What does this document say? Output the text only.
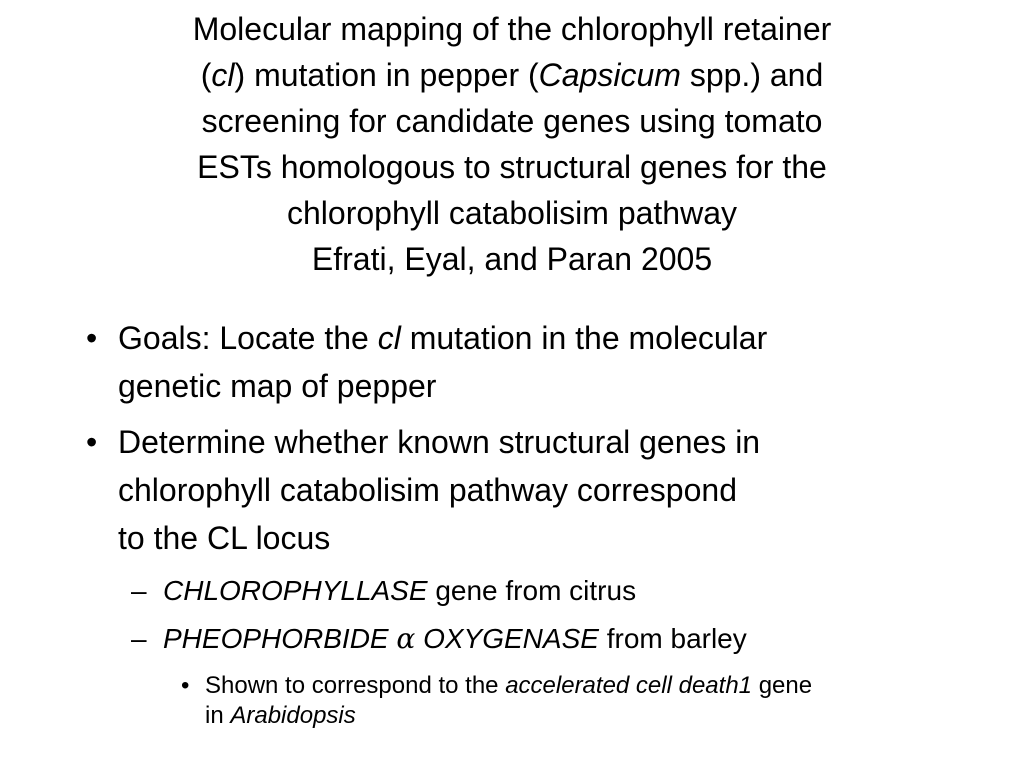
Molecular mapping of the chlorophyll retainer
(cl) mutation in pepper (Capsicum spp.) and
screening for candidate genes using tomato
ESTs homologous to structural genes for the
chlorophyll catabolisim pathway
Efrati, Eyal, and Paran 2005
• Goals: Locate the cl mutation in the molecular
genetic map of pepper
• Determine whether known structural genes in
chlorophyll catabolisim pathway correspond
to the CL locus
– CHLOROPHYLLASE gene from citrus
– PHEOPHORBIDE α OXYGENASE from barley
• Shown to correspond to the accelerated cell death1 gene
in Arabidopsis
